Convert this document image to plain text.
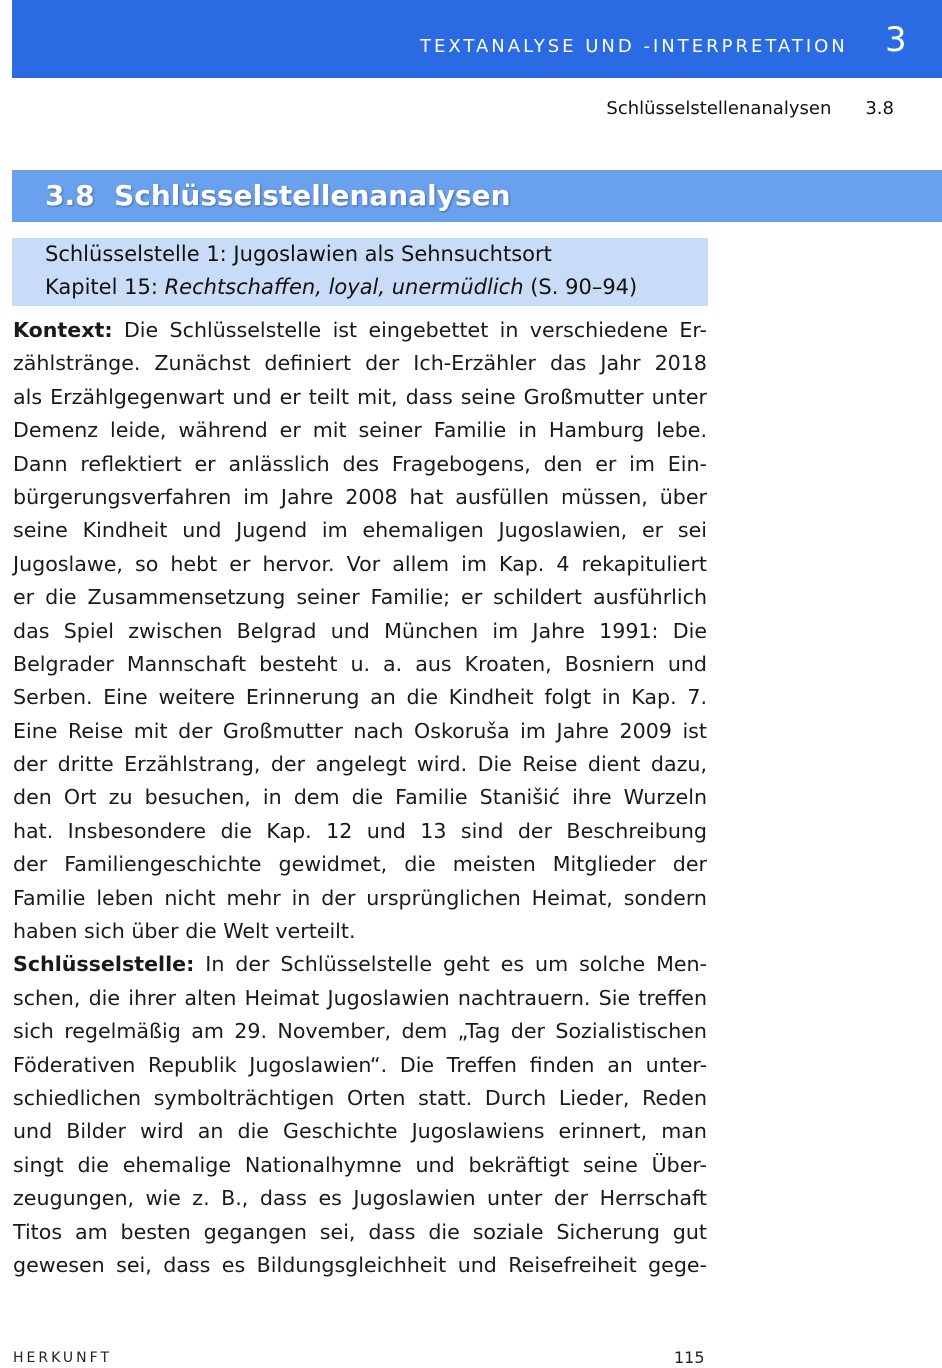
TEXTANALYSE UND -INTERPRETATION 3
Schlüsselstellenanalysen 3.8
3.8  Schlüsselstellenanalysen
Schlüsselstelle 1: Jugoslawien als Sehnsuchtsort
Kapitel 15: Rechtschaffen, loyal, unermüdlich (S. 90–94)
Kontext: Die Schlüsselstelle ist eingebettet in verschiedene Er-
zählstränge. Zunächst definiert der Ich-Erzähler das Jahr 2018
als Erzählgegenwart und er teilt mit, dass seine Großmutter unter
Demenz leide, während er mit seiner Familie in Hamburg lebe.
Dann reflektiert er anlässlich des Fragebogens, den er im Ein-
bürgerungsverfahren im Jahre 2008 hat ausfüllen müssen, über
seine Kindheit und Jugend im ehemaligen Jugoslawien, er sei
Jugoslawe, so hebt er hervor. Vor allem im Kap. 4 rekapituliert
er die Zusammensetzung seiner Familie; er schildert ausführlich
das Spiel zwischen Belgrad und München im Jahre 1991: Die
Belgrader Mannschaft besteht u. a. aus Kroaten, Bosniern und
Serben. Eine weitere Erinnerung an die Kindheit folgt in Kap. 7.
Eine Reise mit der Großmutter nach Oskoruša im Jahre 2009 ist
der dritte Erzählstrang, der angelegt wird. Die Reise dient dazu,
den Ort zu besuchen, in dem die Familie Stanišić ihre Wurzeln
hat. Insbesondere die Kap. 12 und 13 sind der Beschreibung
der Familiengeschichte gewidmet, die meisten Mitglieder der
Familie leben nicht mehr in der ursprünglichen Heimat, sondern
haben sich über die Welt verteilt.
Schlüsselstelle: In der Schlüsselstelle geht es um solche Men-
schen, die ihrer alten Heimat Jugoslawien nachtrauern. Sie treffen
sich regelmäßig am 29. November, dem „Tag der Sozialistischen
Föderativen Republik Jugoslawien“. Die Treffen finden an unter-
schiedlichen symbolträchtigen Orten statt. Durch Lieder, Reden
und Bilder wird an die Geschichte Jugoslawiens erinnert, man
singt die ehemalige Nationalhymne und bekräftigt seine Über-
zeugungen, wie z. B., dass es Jugoslawien unter der Herrschaft
Titos am besten gegangen sei, dass die soziale Sicherung gut
gewesen sei, dass es Bildungsgleichheit und Reisefreiheit gege-
HERKUNFT	115
